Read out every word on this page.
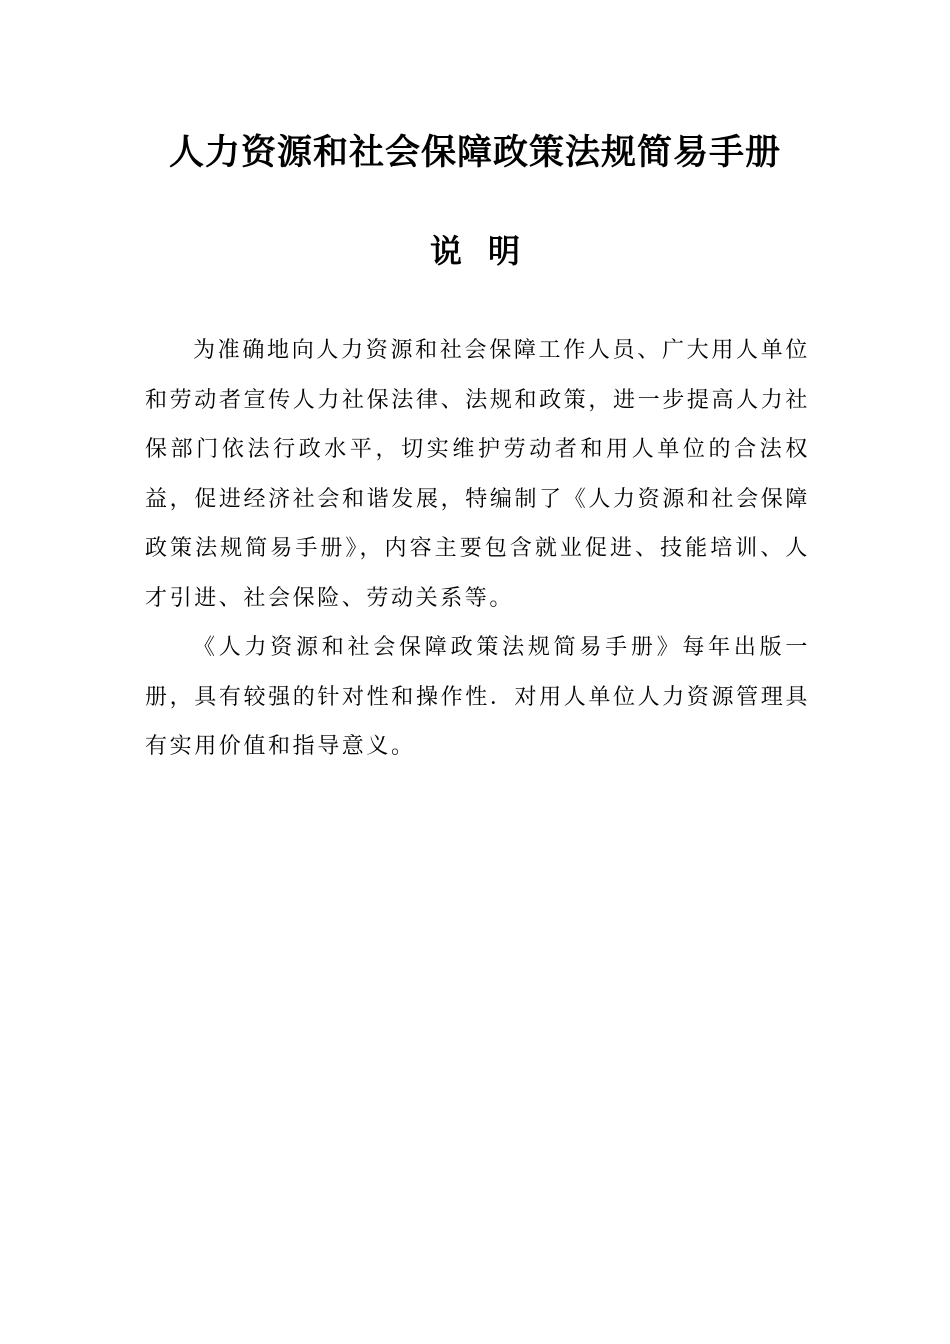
人力资源和社会保障政策法规简易手册
说 明

为准确地向人力资源和社会保障工作人员、广大用人单位和劳动者宣传人力社保法律、法规和政策，进一步提高人力社保部门依法行政水平，切实维护劳动者和用人单位的合法权益，促进经济社会和谐发展，特编制了《人力资源和社会保障政策法规简易手册》，内容主要包含就业促进、技能培训、人才引进、社会保险、劳动关系等。

《人力资源和社会保障政策法规简易手册》每年出版一册，具有较强的针对性和操作性．对用人单位人力资源管理具有实用价值和指导意义。
